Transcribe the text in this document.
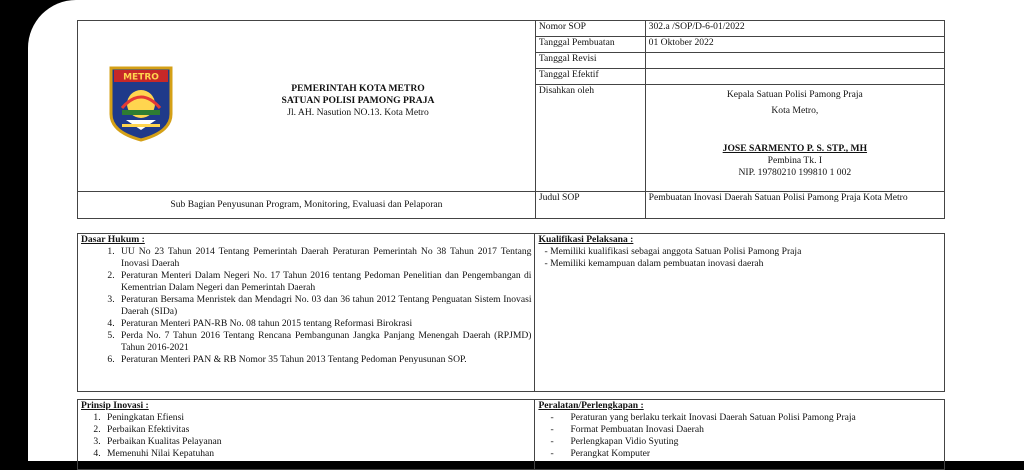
METRO
PEMERINTAH KOTA METRO
SATUAN POLISI PAMONG PRAJA
Jl. AH. Nasution NO.13. Kota Metro	Nomor SOP	302.a /SOP/D-6-01/2022
	Tanggal Pembuatan	01 Oktober 2022
	Tanggal Revisi	
	Tanggal Efektif	
	Disahkan oleh	Kepala Satuan Polisi Pamong Praja
Kota Metro,
JOSE SARMENTO P. S. STP., MH
Pembina Tk. I
NIP. 19780210 199810 1 002

Sub Bagian Penyusunan Program, Monitoring, Evaluasi dan Pelaporan	Judul SOP	Pembuatan Inovasi Daerah Satuan Polisi Pamong Praja Kota Metro
Dasar Hukum :
1. UU No 23 Tahun 2014 Tentang Pemerintah Daerah Peraturan Pemerintah No 38 Tahun 2017 Tentang Inovasi Daerah
2. Peraturan Menteri Dalam Negeri No. 17 Tahun 2016 tentang Pedoman Penelitian dan Pengembangan di Kementrian Dalam Negeri dan Pemerintah Daerah
3. Peraturan Bersama Menristek dan Mendagri No. 03 dan 36 tahun 2012 Tentang Penguatan Sistem Inovasi Daerah (SIDa)
4. Peraturan Menteri PAN-RB No. 08 tahun 2015 tentang Reformasi Birokrasi
5. Perda No. 7 Tahun 2016 Tentang Rencana Pembangunan Jangka Panjang Menengah Daerah (RPJMD) Tahun 2016-2021
6. Peraturan Menteri PAN & RB Nomor 35 Tahun 2013 Tentang Pedoman Penyusunan SOP.

Kualifikasi Pelaksana :
- Memiliki kualifikasi sebagai anggota Satuan Polisi Pamong Praja
- Memiliki kemampuan dalam pembuatan inovasi daerah
Prinsip Inovasi :
1. Peningkatan Efiensi
2. Perbaikan Efektivitas
3. Perbaikan Kualitas Pelayanan
4. Memenuhi Nilai Kepatuhan

Peralatan/Perlengkapan :
- Peraturan yang berlaku terkait Inovasi Daerah Satuan Polisi Pamong Praja
- Format Pembuatan Inovasi Daerah
- Perlengkapan Vidio Syuting
- Perangkat Komputer
